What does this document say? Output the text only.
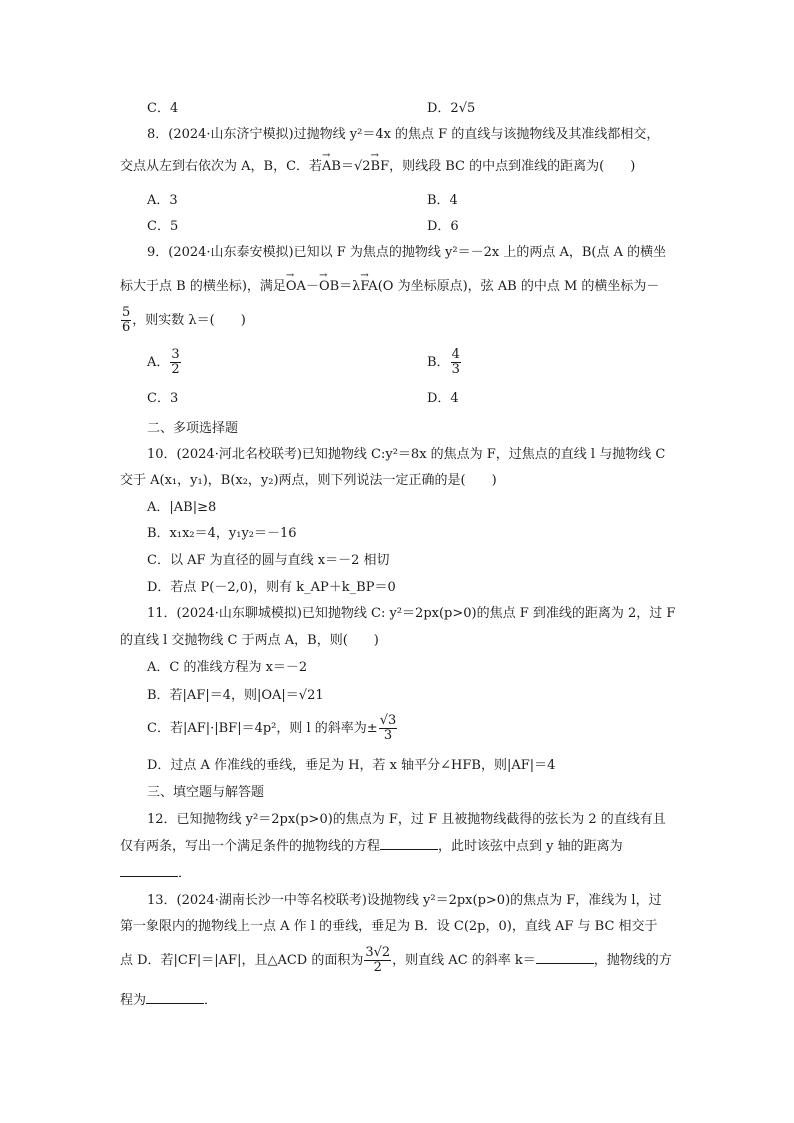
C．4	D．2√5
8．(2024·山东济宁模拟)过抛物线 y²＝4x 的焦点 F 的直线与该抛物线及其准线都相交，
交点从左到右依次为 A，B，C．若→ AB＝√2→ BF，则线段 BC 的中点到准线的距离为(　　)
A．3	B．4
C．5	D．6
9．(2024·山东泰安模拟)已知以 F 为焦点的抛物线 y²＝－2x 上的两点 A，B(点 A 的横坐
标大于点 B 的横坐标)，满足→ OA－→ OB＝λ→ FA(O 为坐标原点)，弦 AB 的中点 M 的横坐标为－
$\frac{5}{6}$ ，则实数 λ＝(　　)
A． $\frac{3}{2}$	B． $\frac{4}{3}$
C．3	D．4
二、多项选择题
10．(2024·河北名校联考)已知抛物线 C:y²＝8x 的焦点为 F，过焦点的直线 l 与抛物线 C
交于 A(x₁，y₁)，B(x₂，y₂)两点，则下列说法一定正确的是(　　)
A．|AB|≥8
B．x₁x₂＝4，y₁y₂＝－16
C．以 AF 为直径的圆与直线 x＝－2 相切
D．若点 P(－2,0)，则有 k_AP＋k_BP＝0
11．(2024·山东聊城模拟)已知抛物线 C: y²＝2px(p>0)的焦点 F 到准线的距离为 2，过 F
的直线 l 交抛物线 C 于两点 A，B，则(　　)
A．C 的准线方程为 x＝－2
B．若|AF|＝4，则|OA|＝√21
C．若|AF|·|BF|＝4p²，则 l 的斜率为± $\frac{√3}{3}$
D．过点 A 作准线的垂线，垂足为 H，若 x 轴平分∠HFB，则|AF|＝4
三、填空题与解答题
12．已知抛物线 y²＝2px(p>0)的焦点为 F，过 F 且被抛物线截得的弦长为 2 的直线有且
仅有两条，写出一个满足条件的抛物线的方程	，此时该弦中点到 y 轴的距离为
．
13．(2024·湖南长沙一中等名校联考)设抛物线 y²＝2px(p>0)的焦点为 F，准线为 l，过
第一象限内的抛物线上一点 A 作 l 的垂线，垂足为 B．设 C(2p，0)，直线 AF 与 BC 相交于
点 D．若|CF|＝|AF|，且△ACD 的面积为 $\frac{3√2}{2}$ ，则直线 AC 的斜率 k＝	，抛物线的方
程为	．
